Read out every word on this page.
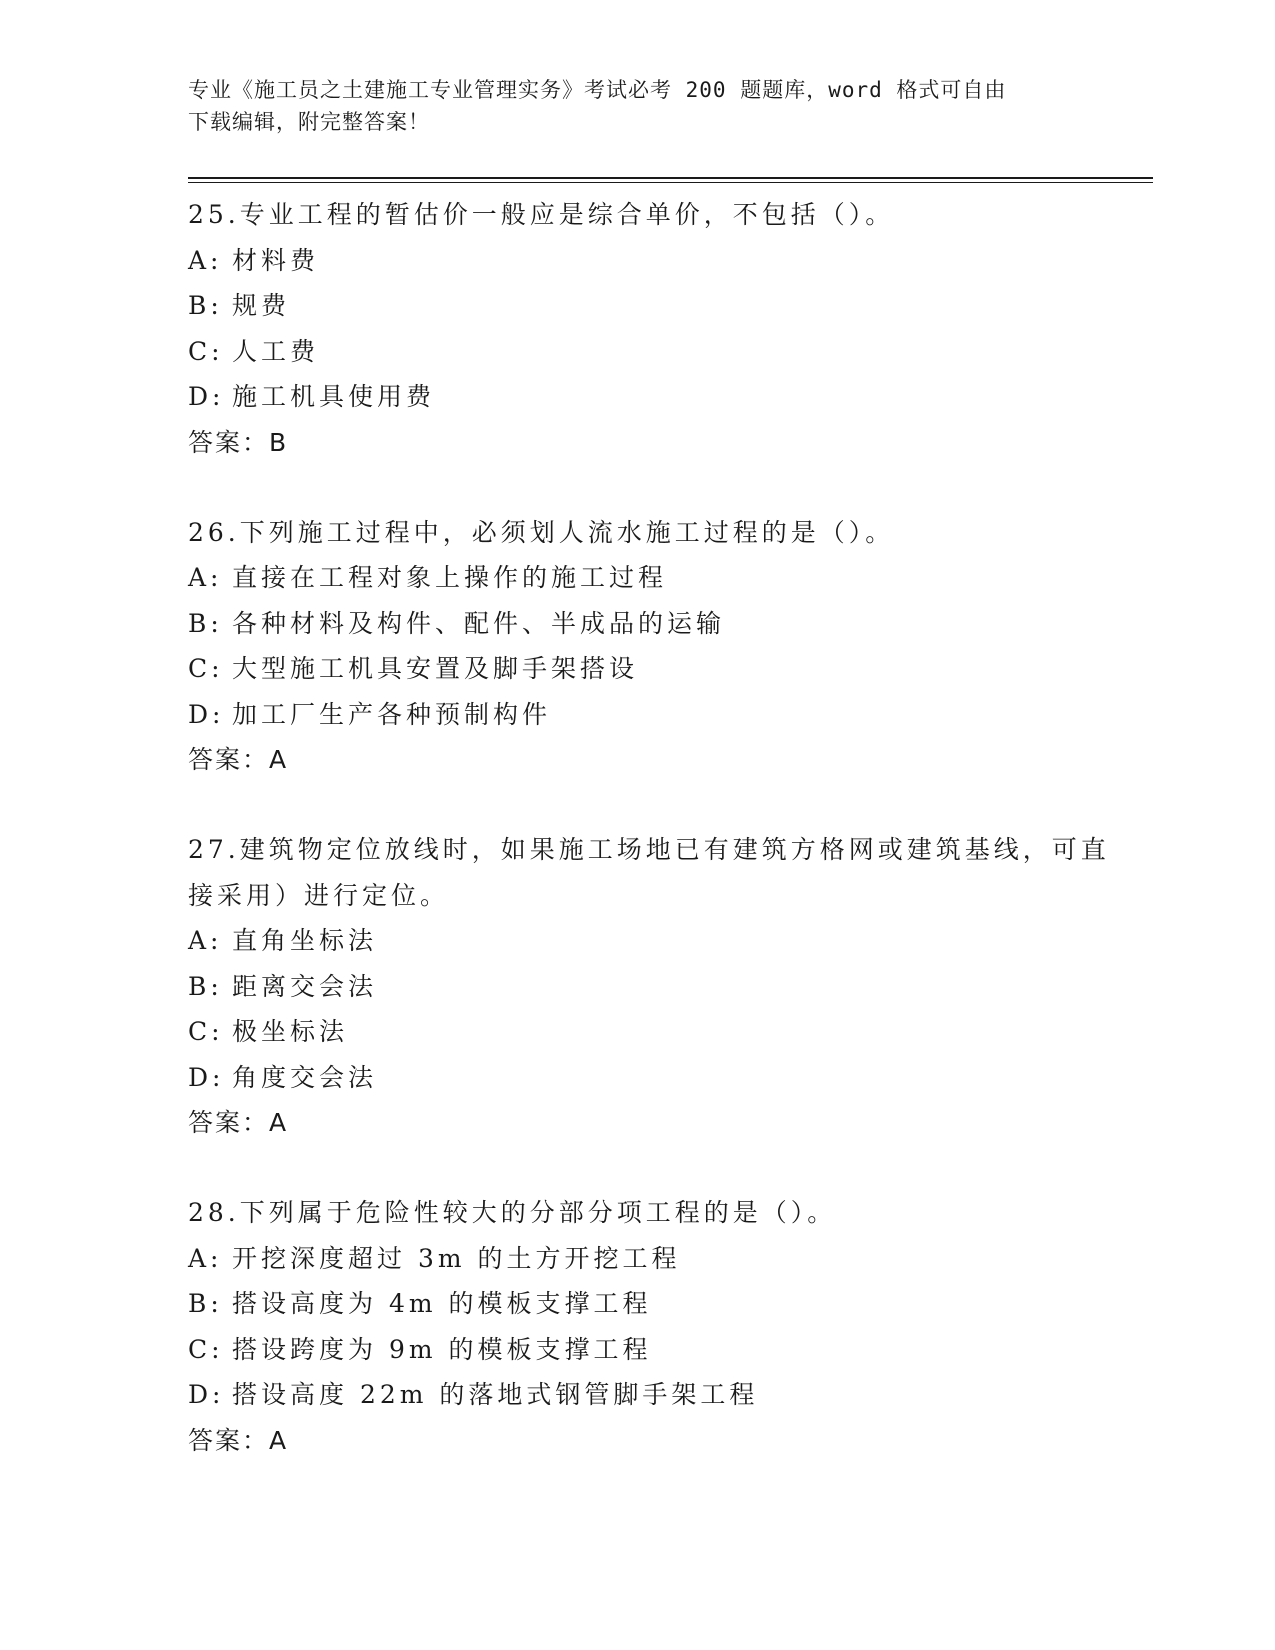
专业《施工员之土建施工专业管理实务》考试必考 200 题题库，word 格式可自由
下载编辑，附完整答案！

25.专业工程的暂估价一般应是综合单价，不包括（）。

A: 材料费

B: 规费

C: 人工费

D: 施工机具使用费

答案：B

26.下列施工过程中，必须划人流水施工过程的是（）。

A: 直接在工程对象上操作的施工过程

B: 各种材料及构件、配件、半成品的运输

C: 大型施工机具安置及脚手架搭设

D: 加工厂生产各种预制构件

答案：A

27.建筑物定位放线时，如果施工场地已有建筑方格网或建筑基线，可直接采用）进行定位。

A: 直角坐标法

B: 距离交会法

C: 极坐标法

D: 角度交会法

答案：A

28.下列属于危险性较大的分部分项工程的是（）。

A: 开挖深度超过 3m 的土方开挖工程

B: 搭设高度为 4m 的模板支撑工程

C: 搭设跨度为 9m 的模板支撑工程

D: 搭设高度 22m 的落地式钢管脚手架工程

答案：A
